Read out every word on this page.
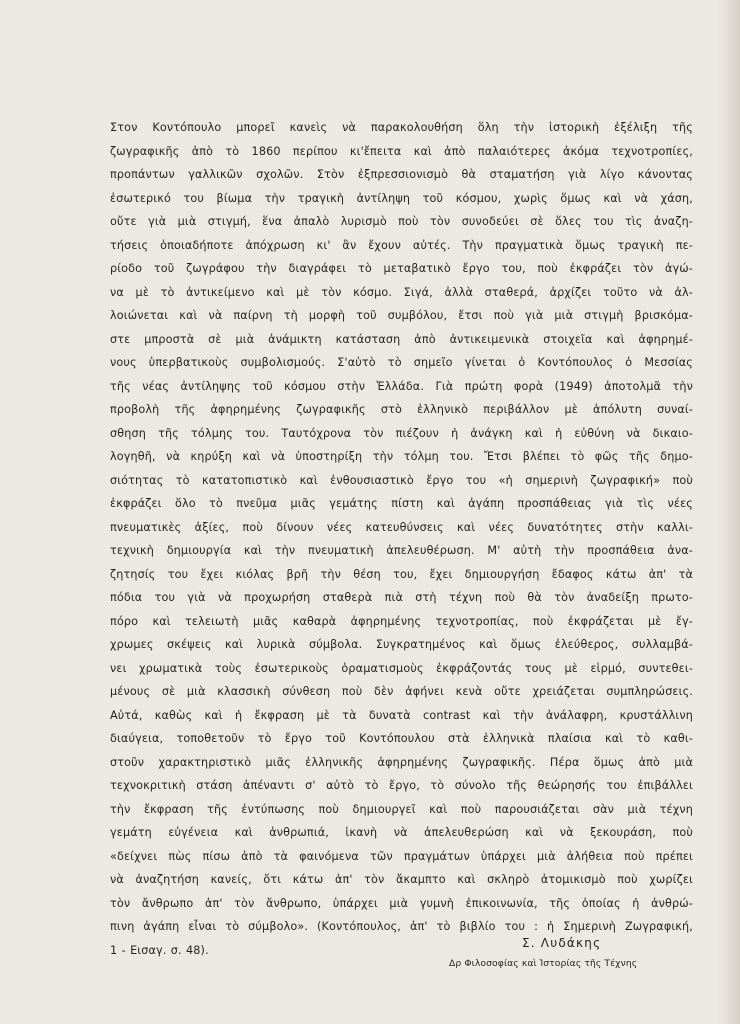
Στον Κοντόπουλο μπορεῖ κανεὶς νὰ παρακολουθήση ὅλη τὴν ἱστορικὴ ἐξέλιξη τῆς
ζωγραφικῆς ἀπὸ τὸ 1860 περίπου κι'ἔπειτα καὶ ἀπὸ παλαιότερες ἀκόμα τεχνοτροπίες,
προπάντων γαλλικῶν σχολῶν. Στὸν ἐξπρεσσιονισμὸ θὰ σταματήση γιὰ λίγο κάνοντας
ἐσωτερικό του βίωμα τὴν τραγικὴ ἀντίληψη τοῦ κόσμου, χωρὶς ὅμως καὶ νὰ χάση,
οὔτε γιὰ μιὰ στιγμή, ἕνα ἀπαλὸ λυρισμὸ ποὺ τὸν συνοδεύει σὲ ὅλες του τὶς ἀναζη-
τήσεις ὁποιαδήποτε ἀπόχρωση κι' ἂν ἔχουν αὐτές. Τὴν πραγματικὰ ὅμως τραγικὴ πε-
ρίοδο τοῦ ζωγράφου τὴν διαγράφει τὸ μεταβατικὸ ἔργο του, ποὺ ἐκφράζει τὸν ἀγώ-
να μὲ τὸ ἀντικείμενο καὶ μὲ τὸν κόσμο. Σιγά, ἀλλὰ σταθερά, ἀρχίζει τοῦτο νὰ ἀλ-
λοιώνεται καὶ νὰ παίρνη τὴ μορφὴ τοῦ συμβόλου, ἔτσι ποὺ γιὰ μιὰ στιγμὴ βρισκόμα-
στε μπροστὰ σὲ μιὰ ἀνάμικτη κατάσταση ἀπὸ ἀντικειμενικὰ στοιχεῖα καὶ ἀφηρημέ-
νους ὑπερβατικοὺς συμβολισμούς. Σ'αὐτὸ τὸ σημεῖο γίνεται ὁ Κοντόπουλος ὁ Μεσσίας
τῆς νέας ἀντίληψης τοῦ κόσμου στὴν Ἑλλάδα. Γιὰ πρώτη φορὰ (1949) ἀποτολμᾶ τὴν
προβολὴ τῆς ἀφηρημένης ζωγραφικῆς στὸ ἑλληνικὸ περιβάλλον μὲ ἀπόλυτη συναί-
σθηση τῆς τόλμης του. Ταυτόχρονα τὸν πιέζουν ἡ ἀνάγκη καὶ ἡ εὐθύνη νὰ δικαιο-
λογηθῆ, νὰ κηρύξη καὶ νὰ ὑποστηρίξη τὴν τόλμη του. Ἔτσι βλέπει τὸ φῶς τῆς δημο-
σιότητας τὸ κατατοπιστικὸ καὶ ἐνθουσιαστικὸ ἔργο του «ἡ σημερινὴ ζωγραφική» ποὺ
ἐκφράζει ὅλο τὸ πνεῦμα μιᾶς γεμάτης πίστη καὶ ἀγάπη προσπάθειας γιὰ τὶς νέες
πνευματικὲς ἀξίες, ποὺ δίνουν νέες κατευθύνσεις καὶ νέες δυνατότητες στὴν καλλι-
τεχνικὴ δημιουργία καὶ τὴν πνευματικὴ ἀπελευθέρωση. Μ' αὐτὴ τὴν προσπάθεια ἀνα-
ζητησίς του ἔχει κιόλας βρῆ τὴν θέση του, ἔχει δημιουργήση ἔδαφος κάτω ἀπ' τὰ
πόδια του γιὰ νὰ προχωρήση σταθερὰ πιὰ στὴ τέχνη ποὺ θὰ τὸν ἀναδείξη πρωτο-
πόρο καὶ τελειωτὴ μιᾶς καθαρὰ ἀφηρημένης τεχνοτροπίας, ποὺ ἐκφράζεται μὲ ἔγ-
χρωμες σκέψεις καὶ λυρικὰ σύμβολα. Συγκρατημένος καὶ ὅμως ἐλεύθερος, συλλαμβά-
νει χρωματικὰ τοὺς ἐσωτερικοὺς ὁραματισμοὺς ἐκφράζοντάς τους μὲ εἱρμό, συντεθει-
μένους σὲ μιὰ κλασσικὴ σύνθεση ποὺ δὲν ἀφήνει κενὰ οὔτε χρειάζεται συμπληρώσεις.
Αὐτά, καθὼς καὶ ἡ ἔκφραση μὲ τὰ δυνατὰ contrast καὶ τὴν ἀνάλαφρη, κρυστάλλινη
διαύγεια, τοποθετοῦν τὸ ἔργο τοῦ Κοντόπουλου στὰ ἑλληνικὰ πλαίσια καὶ τὸ καθι-
στοῦν χαρακτηριστικὸ μιᾶς ἑλληνικῆς ἀφηρημένης ζωγραφικῆς. Πέρα ὅμως ἀπὸ μιὰ
τεχνοκριτικὴ στάση ἀπέναντι σ' αὐτὸ τὸ ἔργο, τὸ σύνολο τῆς θεώρησής του ἐπιβάλλει
τὴν ἔκφραση τῆς ἐντύπωσης ποὺ δημιουργεῖ καὶ ποὺ παρουσιάζεται σὰν μιὰ τέχνη
γεμάτη εὐγένεια καὶ ἀνθρωπιά, ἱκανὴ νὰ ἀπελευθερώση καὶ νὰ ξεκουράση, ποὺ
«δείχνει πὼς πίσω ἀπὸ τὰ φαινόμενα τῶν πραγμάτων ὑπάρχει μιὰ ἀλήθεια ποὺ πρέπει
νὰ ἀναζητήση κανείς, ὅτι κάτω ἀπ' τὸν ἄκαμπτο καὶ σκληρὸ ἀτομικισμὸ ποὺ χωρίζει
τὸν ἄνθρωπο ἀπ' τὸν ἄνθρωπο, ὑπάρχει μιὰ γυμνὴ ἐπικοινωνία, τῆς ὁποίας ἡ ἀνθρώ-
πινη ἀγάπη εἶναι τὸ σύμβολο». (Κοντόπουλος, ἀπ' τὸ βιβλίο του : ἡ Σημερινὴ Ζωγραφική,
1 - Εισαγ. σ. 48).	Σ. Λυδάκης
Δρ Φιλοσοφίας καὶ Ἱστορίας τῆς Τέχνης
